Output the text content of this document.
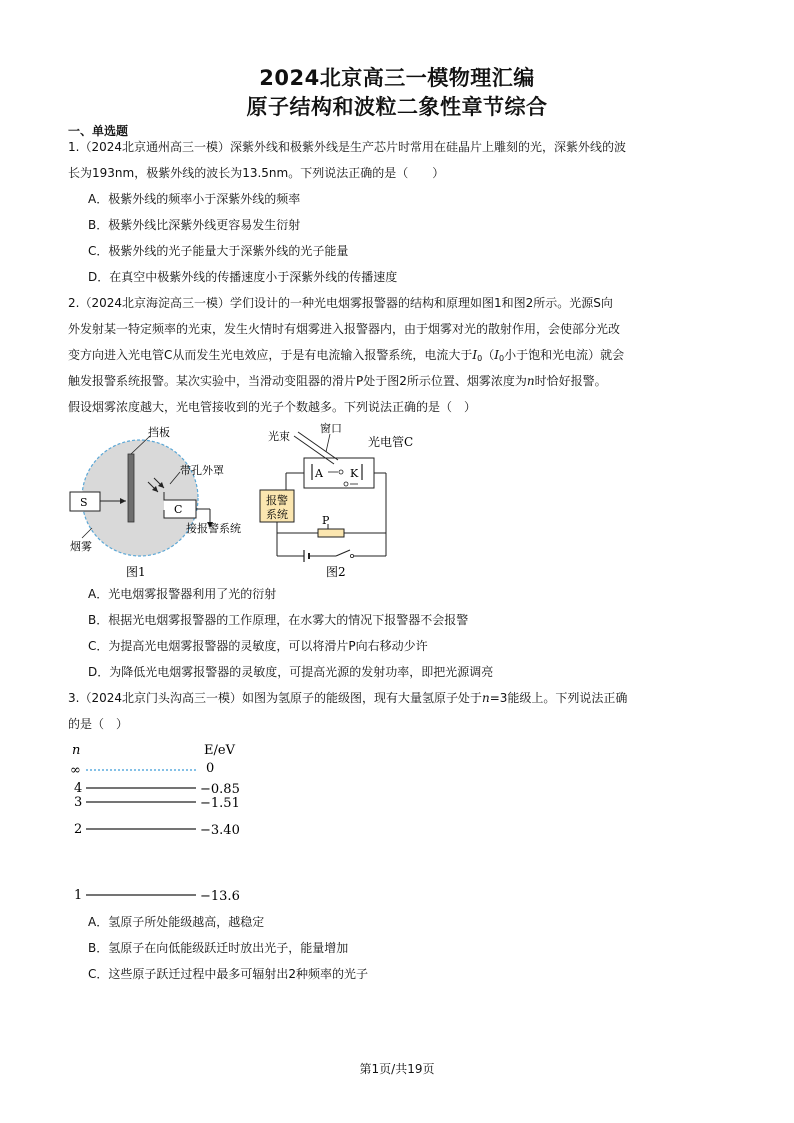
2024北京高三一模物理汇编
原子结构和波粒二象性章节综合
一、单选题
1.（2024北京通州高三一模）深紫外线和极紫外线是生产芯片时常用在硅晶片上雕刻的光，深紫外线的波
长为193nm，极紫外线的波长为13.5nm。下列说法正确的是（　　）
A．极紫外线的频率小于深紫外线的频率
B．极紫外线比深紫外线更容易发生衍射
C．极紫外线的光子能量大于深紫外线的光子能量
D．在真空中极紫外线的传播速度小于深紫外线的传播速度
2.（2024北京海淀高三一模）学们设计的一种光电烟雾报警器的结构和原理如图1和图2所示。光源S向
外发射某一特定频率的光束，发生火情时有烟雾进入报警器内，由于烟雾对光的散射作用，会使部分光改
变方向进入光电管C从而发生光电效应，于是有电流输入报警系统，电流大于$I_0(I_0$小于饱和光电流）就会
触发报警系统报警。某次实验中，当滑动变阻器的滑片P处于图2所示位置、烟雾浓度为n时恰好报警。
假设烟雾浓度越大，光电管接收到的光子个数越多。下列说法正确的是（　）
挡板
S
C
带孔外罩
接报警系统
烟雾
图1
光束
窗口
光电管C
A K
报警
系统	P
图2
A．光电烟雾报警器利用了光的衍射
B．根据光电烟雾报警器的工作原理，在水雾大的情况下报警器不会报警
C．为提高光电烟雾报警器的灵敏度，可以将滑片P向右移动少许
D．为降低光电烟雾报警器的灵敏度，可提高光源的发射功率，即把光源调亮
3.（2024北京门头沟高三一模）如图为氢原子的能级图，现有大量氢原子处于n=3能级上。下列说法正确
的是（　）
n	E/eV
∞	0
4	−0.85
3	−1.51
2	−3.40
1	−13.6
A．氢原子所处能级越高，越稳定
B．氢原子在向低能级跃迁时放出光子，能量增加
C．这些原子跃迁过程中最多可辐射出2种频率的光子
第1页/共19页
